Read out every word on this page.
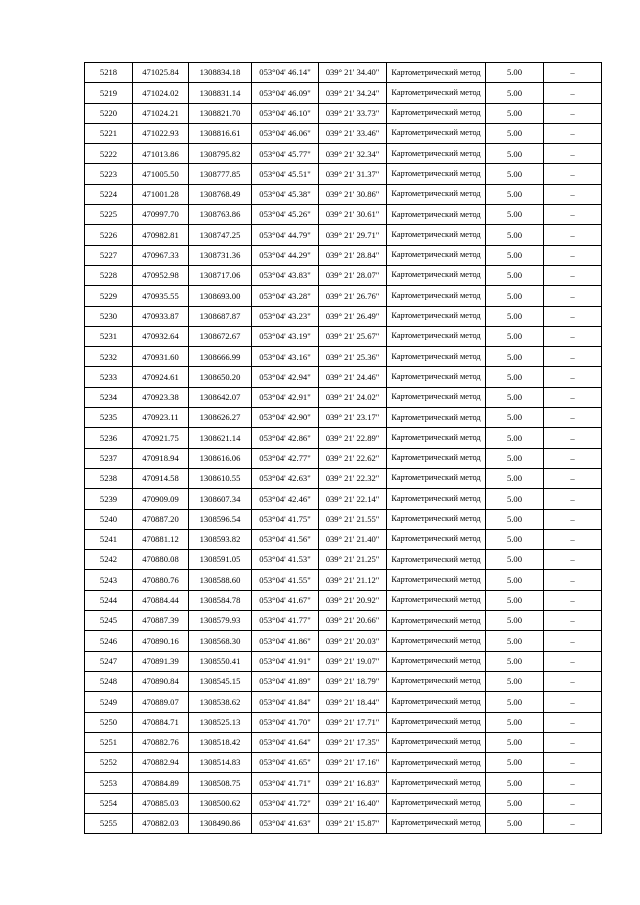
5218	471025.84	1308834.18	053°04' 46.14"	039° 21' 34.40"	Картометрический метод	5.00	–
5219	471024.02	1308831.14	053°04' 46.09"	039° 21' 34.24"	Картометрический метод	5.00	–
5220	471024.21	1308821.70	053°04' 46.10"	039° 21' 33.73"	Картометрический метод	5.00	–
5221	471022.93	1308816.61	053°04' 46.06"	039° 21' 33.46"	Картометрический метод	5.00	–
5222	471013.86	1308795.82	053°04' 45.77"	039° 21' 32.34"	Картометрический метод	5.00	–
5223	471005.50	1308777.85	053°04' 45.51"	039° 21' 31.37"	Картометрический метод	5.00	–
5224	471001.28	1308768.49	053°04' 45.38"	039° 21' 30.86"	Картометрический метод	5.00	–
5225	470997.70	1308763.86	053°04' 45.26"	039° 21' 30.61"	Картометрический метод	5.00	–
5226	470982.81	1308747.25	053°04' 44.79"	039° 21' 29.71"	Картометрический метод	5.00	–
5227	470967.33	1308731.36	053°04' 44.29"	039° 21' 28.84"	Картометрический метод	5.00	–
5228	470952.98	1308717.06	053°04' 43.83"	039° 21' 28.07"	Картометрический метод	5.00	–
5229	470935.55	1308693.00	053°04' 43.28"	039° 21' 26.76"	Картометрический метод	5.00	–
5230	470933.87	1308687.87	053°04' 43.23"	039° 21' 26.49"	Картометрический метод	5.00	–
5231	470932.64	1308672.67	053°04' 43.19"	039° 21' 25.67"	Картометрический метод	5.00	–
5232	470931.60	1308666.99	053°04' 43.16"	039° 21' 25.36"	Картометрический метод	5.00	–
5233	470924.61	1308650.20	053°04' 42.94"	039° 21' 24.46"	Картометрический метод	5.00	–
5234	470923.38	1308642.07	053°04' 42.91"	039° 21' 24.02"	Картометрический метод	5.00	–
5235	470923.11	1308626.27	053°04' 42.90"	039° 21' 23.17"	Картометрический метод	5.00	–
5236	470921.75	1308621.14	053°04' 42.86"	039° 21' 22.89"	Картометрический метод	5.00	–
5237	470918.94	1308616.06	053°04' 42.77"	039° 21' 22.62"	Картометрический метод	5.00	–
5238	470914.58	1308610.55	053°04' 42.63"	039° 21' 22.32"	Картометрический метод	5.00	–
5239	470909.09	1308607.34	053°04' 42.46"	039° 21' 22.14"	Картометрический метод	5.00	–
5240	470887.20	1308596.54	053°04' 41.75"	039° 21' 21.55"	Картометрический метод	5.00	–
5241	470881.12	1308593.82	053°04' 41.56"	039° 21' 21.40"	Картометрический метод	5.00	–
5242	470880.08	1308591.05	053°04' 41.53"	039° 21' 21.25"	Картометрический метод	5.00	–
5243	470880.76	1308588.60	053°04' 41.55"	039° 21' 21.12"	Картометрический метод	5.00	–
5244	470884.44	1308584.78	053°04' 41.67"	039° 21' 20.92"	Картометрический метод	5.00	–
5245	470887.39	1308579.93	053°04' 41.77"	039° 21' 20.66"	Картометрический метод	5.00	–
5246	470890.16	1308568.30	053°04' 41.86"	039° 21' 20.03"	Картометрический метод	5.00	–
5247	470891.39	1308550.41	053°04' 41.91"	039° 21' 19.07"	Картометрический метод	5.00	–
5248	470890.84	1308545.15	053°04' 41.89"	039° 21' 18.79"	Картометрический метод	5.00	–
5249	470889.07	1308538.62	053°04' 41.84"	039° 21' 18.44"	Картометрический метод	5.00	–
5250	470884.71	1308525.13	053°04' 41.70"	039° 21' 17.71"	Картометрический метод	5.00	–
5251	470882.76	1308518.42	053°04' 41.64"	039° 21' 17.35"	Картометрический метод	5.00	–
5252	470882.94	1308514.83	053°04' 41.65"	039° 21' 17.16"	Картометрический метод	5.00	–
5253	470884.89	1308508.75	053°04' 41.71"	039° 21' 16.83"	Картометрический метод	5.00	–
5254	470885.03	1308500.62	053°04' 41.72"	039° 21' 16.40"	Картометрический метод	5.00	–
5255	470882.03	1308490.86	053°04' 41.63"	039° 21' 15.87"	Картометрический метод	5.00	–
